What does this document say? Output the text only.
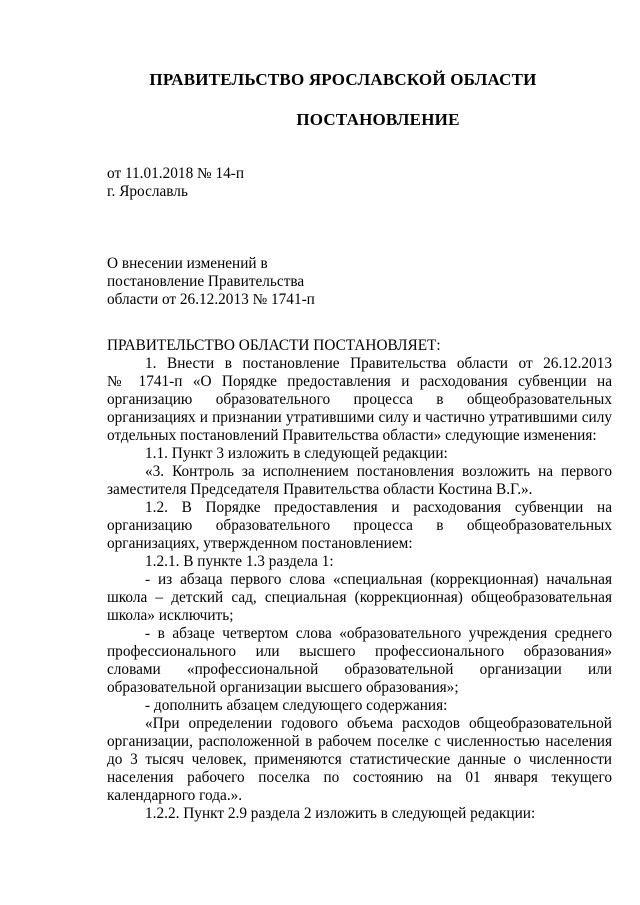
ПРАВИТЕЛЬСТВО ЯРОСЛАВСКОЙ ОБЛАСТИ
ПОСТАНОВЛЕНИЕ
от 11.01.2018 № 14-п
г. Ярославль
О внесении изменений в
постановление Правительства
области от 26.12.2013 № 1741-п
ПРАВИТЕЛЬСТВО ОБЛАСТИ ПОСТАНОВЛЯЕТ:
1. Внести в постановление Правительства области от 26.12.2013
№ 1741-п «О Порядке предоставления и расходования субвенции на
организацию образовательного процесса в общеобразовательных
организациях и признании утратившими силу и частично утратившими силу
отдельных постановлений Правительства области» следующие изменения:
1.1. Пункт 3 изложить в следующей редакции:
«3. Контроль за исполнением постановления возложить на первого
заместителя Председателя Правительства области Костина В.Г.».
1.2. В Порядке предоставления и расходования субвенции на
организацию образовательного процесса в общеобразовательных
организациях, утвержденном постановлением:
1.2.1. В пункте 1.3 раздела 1:
- из абзаца первого слова «специальная (коррекционная) начальная
школа – детский сад, специальная (коррекционная) общеобразовательная
школа» исключить;
- в абзаце четвертом слова «образовательного учреждения среднего
профессионального или высшего профессионального образования»
словами «профессиональной образовательной организации или
образовательной организации высшего образования»;
- дополнить абзацем следующего содержания:
«При определении годового объема расходов общеобразовательной
организации, расположенной в рабочем поселке с численностью населения
до 3 тысяч человек, применяются статистические данные о численности
населения рабочего поселка по состоянию на 01 января текущего
календарного года.».
1.2.2. Пункт 2.9 раздела 2 изложить в следующей редакции:
